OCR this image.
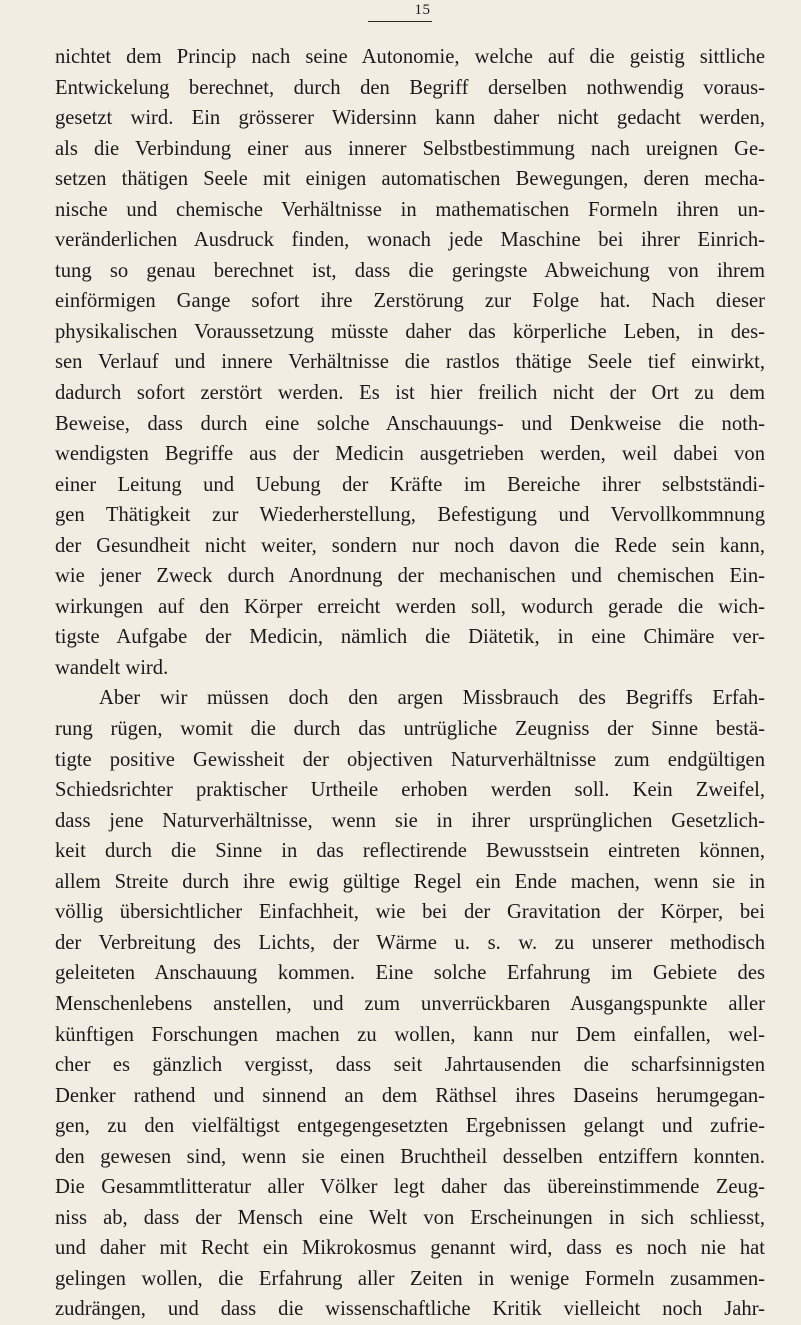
15
nichtet dem Princip nach seine Autonomie, welche auf die geistig sittliche
Entwickelung berechnet, durch den Begriff derselben nothwendig voraus-
gesetzt wird. Ein grösserer Widersinn kann daher nicht gedacht werden,
als die Verbindung einer aus innerer Selbstbestimmung nach ureignen Ge-
setzen thätigen Seele mit einigen automatischen Bewegungen, deren mecha-
nische und chemische Verhältnisse in mathematischen Formeln ihren un-
veränderlichen Ausdruck finden, wonach jede Maschine bei ihrer Einrich-
tung so genau berechnet ist, dass die geringste Abweichung von ihrem
einförmigen Gange sofort ihre Zerstörung zur Folge hat. Nach dieser
physikalischen Voraussetzung müsste daher das körperliche Leben, in des-
sen Verlauf und innere Verhältnisse die rastlos thätige Seele tief einwirkt,
dadurch sofort zerstört werden. Es ist hier freilich nicht der Ort zu dem
Beweise, dass durch eine solche Anschauungs- und Denkweise die noth-
wendigsten Begriffe aus der Medicin ausgetrieben werden, weil dabei von
einer Leitung und Uebung der Kräfte im Bereiche ihrer selbstständi-
gen Thätigkeit zur Wiederherstellung, Befestigung und Vervollkommnung
der Gesundheit nicht weiter, sondern nur noch davon die Rede sein kann,
wie jener Zweck durch Anordnung der mechanischen und chemischen Ein-
wirkungen auf den Körper erreicht werden soll, wodurch gerade die wich-
tigste Aufgabe der Medicin, nämlich die Diätetik, in eine Chimäre ver-
wandelt wird.
Aber wir müssen doch den argen Missbrauch des Begriffs Erfah-
rung rügen, womit die durch das untrügliche Zeugniss der Sinne bestä-
tigte positive Gewissheit der objectiven Naturverhältnisse zum endgültigen
Schiedsrichter praktischer Urtheile erhoben werden soll. Kein Zweifel,
dass jene Naturverhältnisse, wenn sie in ihrer ursprünglichen Gesetzlich-
keit durch die Sinne in das reflectirende Bewusstsein eintreten können,
allem Streite durch ihre ewig gültige Regel ein Ende machen, wenn sie in
völlig übersichtlicher Einfachheit, wie bei der Gravitation der Körper, bei
der Verbreitung des Lichts, der Wärme u. s. w. zu unserer methodisch
geleiteten Anschauung kommen. Eine solche Erfahrung im Gebiete des
Menschenlebens anstellen, und zum unverrückbaren Ausgangspunkte aller
künftigen Forschungen machen zu wollen, kann nur Dem einfallen, wel-
cher es gänzlich vergisst, dass seit Jahrtausenden die scharfsinnigsten
Denker rathend und sinnend an dem Räthsel ihres Daseins herumgegan-
gen, zu den vielfältigst entgegengesetzten Ergebnissen gelangt und zufrie-
den gewesen sind, wenn sie einen Bruchtheil desselben entziffern konnten.
Die Gesammtlitteratur aller Völker legt daher das übereinstimmende Zeug-
niss ab, dass der Mensch eine Welt von Erscheinungen in sich schliesst,
und daher mit Recht ein Mikrokosmus genannt wird, dass es noch nie hat
gelingen wollen, die Erfahrung aller Zeiten in wenige Formeln zusammen-
zudrängen, und dass die wissenschaftliche Kritik vielleicht noch Jahr-
